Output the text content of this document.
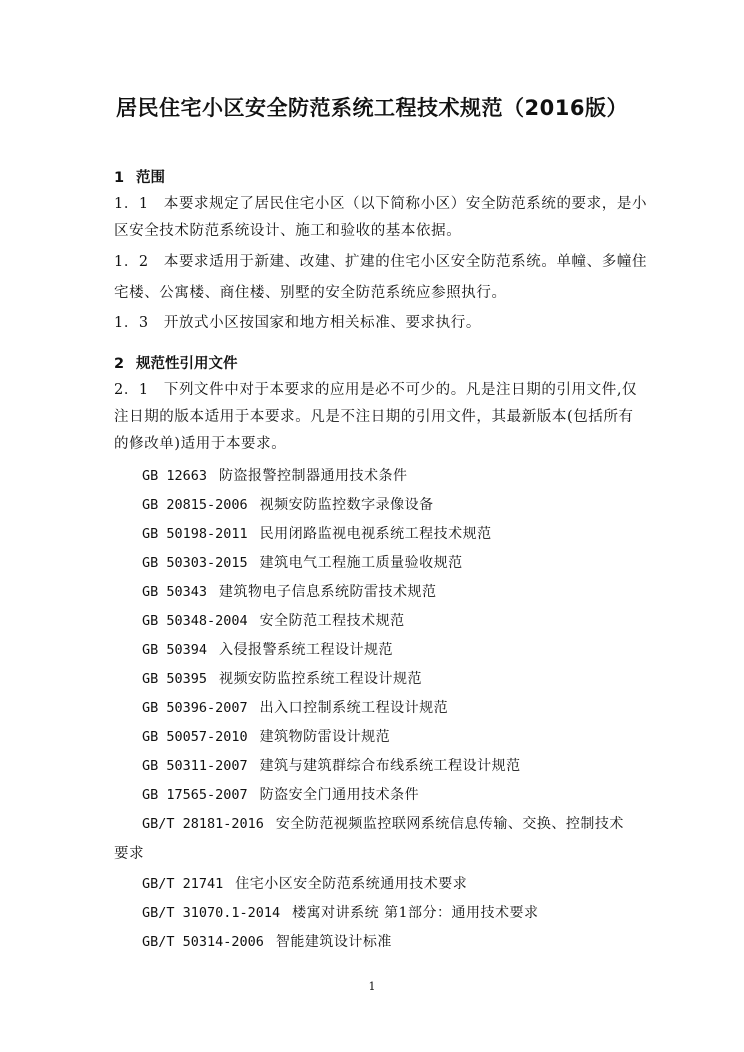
居民住宅小区安全防范系统工程技术规范（2016版）
1 范围
1．1　本要求规定了居民住宅小区（以下简称小区）安全防范系统的要求，是小
区安全技术防范系统设计、施工和验收的基本依据。
1．2　本要求适用于新建、改建、扩建的住宅小区安全防范系统。单幢、多幢住
宅楼、公寓楼、商住楼、别墅的安全防范系统应参照执行。
1．3　开放式小区按国家和地方相关标准、要求执行。
2 规范性引用文件
2．1　下列文件中对于本要求的应用是必不可少的。凡是注日期的引用文件,仅
注日期的版本适用于本要求。凡是不注日期的引用文件，其最新版本(包括所有
的修改单)适用于本要求。
GB 12663 防盗报警控制器通用技术条件
GB 20815-2006 视频安防监控数字录像设备
GB 50198-2011 民用闭路监视电视系统工程技术规范
GB 50303-2015 建筑电气工程施工质量验收规范
GB 50343 建筑物电子信息系统防雷技术规范
GB 50348-2004 安全防范工程技术规范
GB 50394 入侵报警系统工程设计规范
GB 50395 视频安防监控系统工程设计规范
GB 50396-2007 出入口控制系统工程设计规范
GB 50057-2010 建筑物防雷设计规范
GB 50311-2007 建筑与建筑群综合布线系统工程设计规范
GB 17565-2007 防盗安全门通用技术条件
GB/T 28181-2016 安全防范视频监控联网系统信息传输、交换、控制技术
要求
GB/T 21741 住宅小区安全防范系统通用技术要求
GB/T 31070.1-2014 楼寓对讲系统 第1部分：通用技术要求
GB/T 50314-2006 智能建筑设计标准
1
